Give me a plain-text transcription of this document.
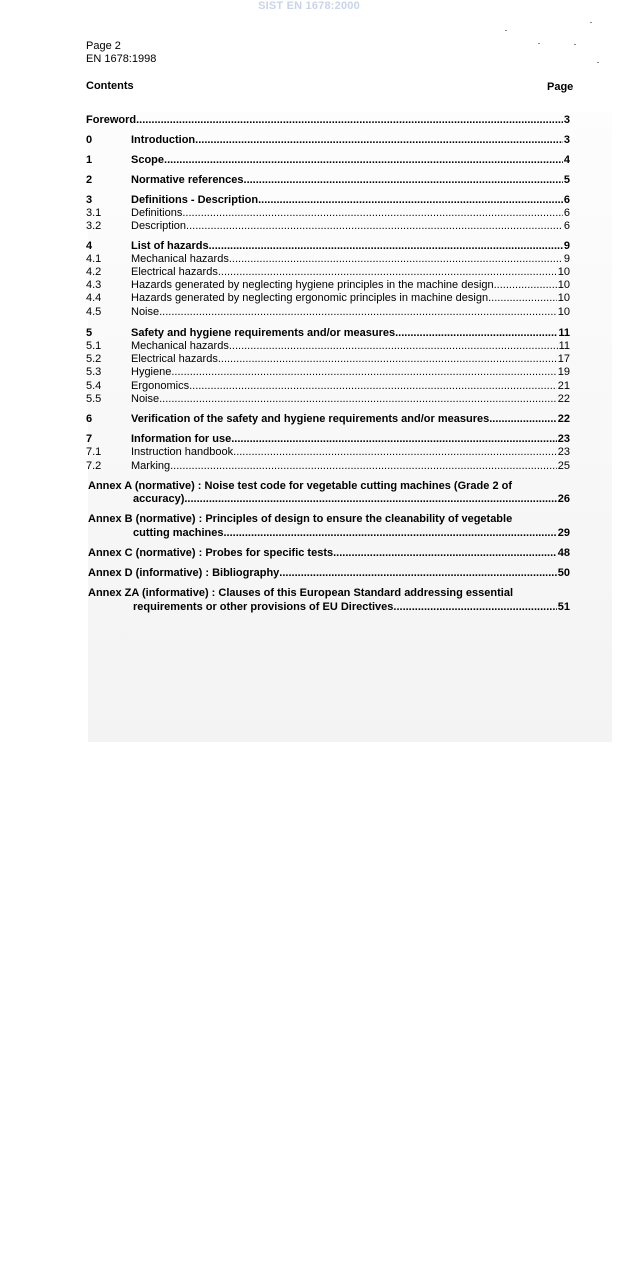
SIST EN 1678:2000
Page 2
EN 1678:1998
Contents	Page
Foreword .....	3
0	Introduction .....	3
1	Scope .....	4
2	Normative references .....	5
3	Definitions - Description .....	6
3.1	Definitions .....	6
3.2	Description .....	6
4	List of hazards .....	9
4.1	Mechanical hazards .....	9
4.2	Electrical hazards .....	10
4.3	Hazards generated by neglecting hygiene principles in the machine design .....	10
4.4	Hazards generated by neglecting ergonomic principles in machine design .....	10
4.5	Noise .....	10
5	Safety and hygiene requirements and/or measures .....	11
5.1	Mechanical hazards .....	11
5.2	Electrical hazards .....	17
5.3	Hygiene .....	19
5.4	Ergonomics .....	21
5.5	Noise .....	22
6	Verification of the safety and hygiene requirements and/or measures .....	22
7	Information for use .....	23
7.1	Instruction handbook .....	23
7.2	Marking .....	25
Annex A (normative) : Noise test code for vegetable cutting machines (Grade 2 of
accuracy) .....	26
Annex B (normative) : Principles of design to ensure the cleanability of vegetable
cutting machines .....	29
Annex C (normative) : Probes for specific tests .....	48
Annex D (informative) : Bibliography .....	50
Annex ZA (informative) : Clauses of this European Standard addressing essential
requirements or other provisions of EU Directives .....	51
